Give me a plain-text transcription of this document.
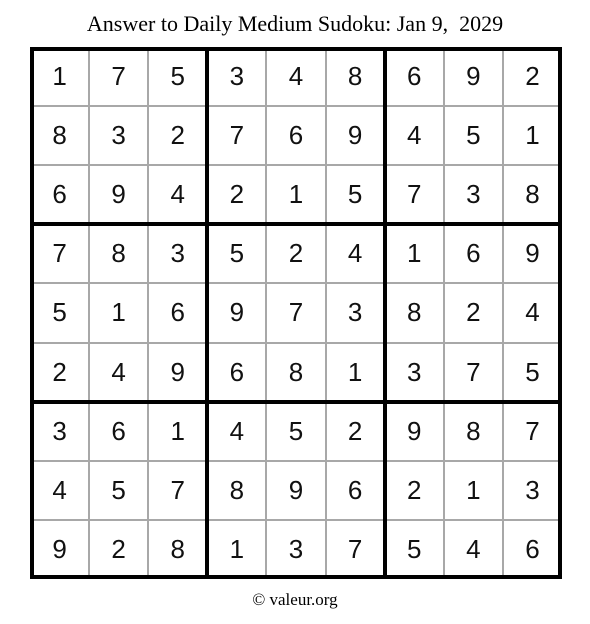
Answer to Daily Medium Sudoku: Jan 9,  2029
1	7	5	3	4	8	6	9	2
8	3	2	7	6	9	4	5	1
6	9	4	2	1	5	7	3	8
7	8	3	5	2	4	1	6	9
5	1	6	9	7	3	8	2	4
2	4	9	6	8	1	3	7	5
3	6	1	4	5	2	9	8	7
4	5	7	8	9	6	2	1	3
9	2	8	1	3	7	5	4	6
© valeur.org
